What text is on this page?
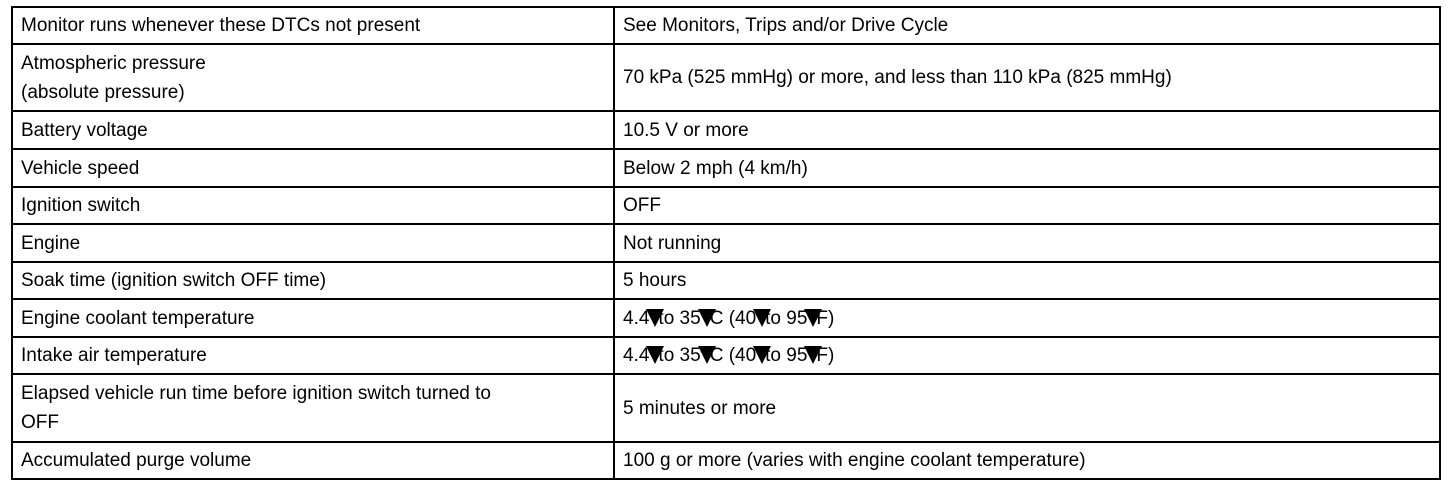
Monitor runs whenever these DTCs not present	See Monitors, Trips and/or Drive Cycle

Atmospheric pressure
(absolute pressure)	70 kPa (525 mmHg) or more, and less than 110 kPa (825 mmHg)

Battery voltage	10.5 V or more

Vehicle speed	Below 2 mph (4 km/h)

Ignition switch	OFF

Engine	Not running

Soak time (ignition switch OFF time)	5 hours

Engine coolant temperature	4.4 to 35 C (40 to 95 F)

Intake air temperature	4.4 to 35 C (40 to 95 F)

Elapsed vehicle run time before ignition switch turned to
OFF	5 minutes or more

Accumulated purge volume	100 g or more (varies with engine coolant temperature)
